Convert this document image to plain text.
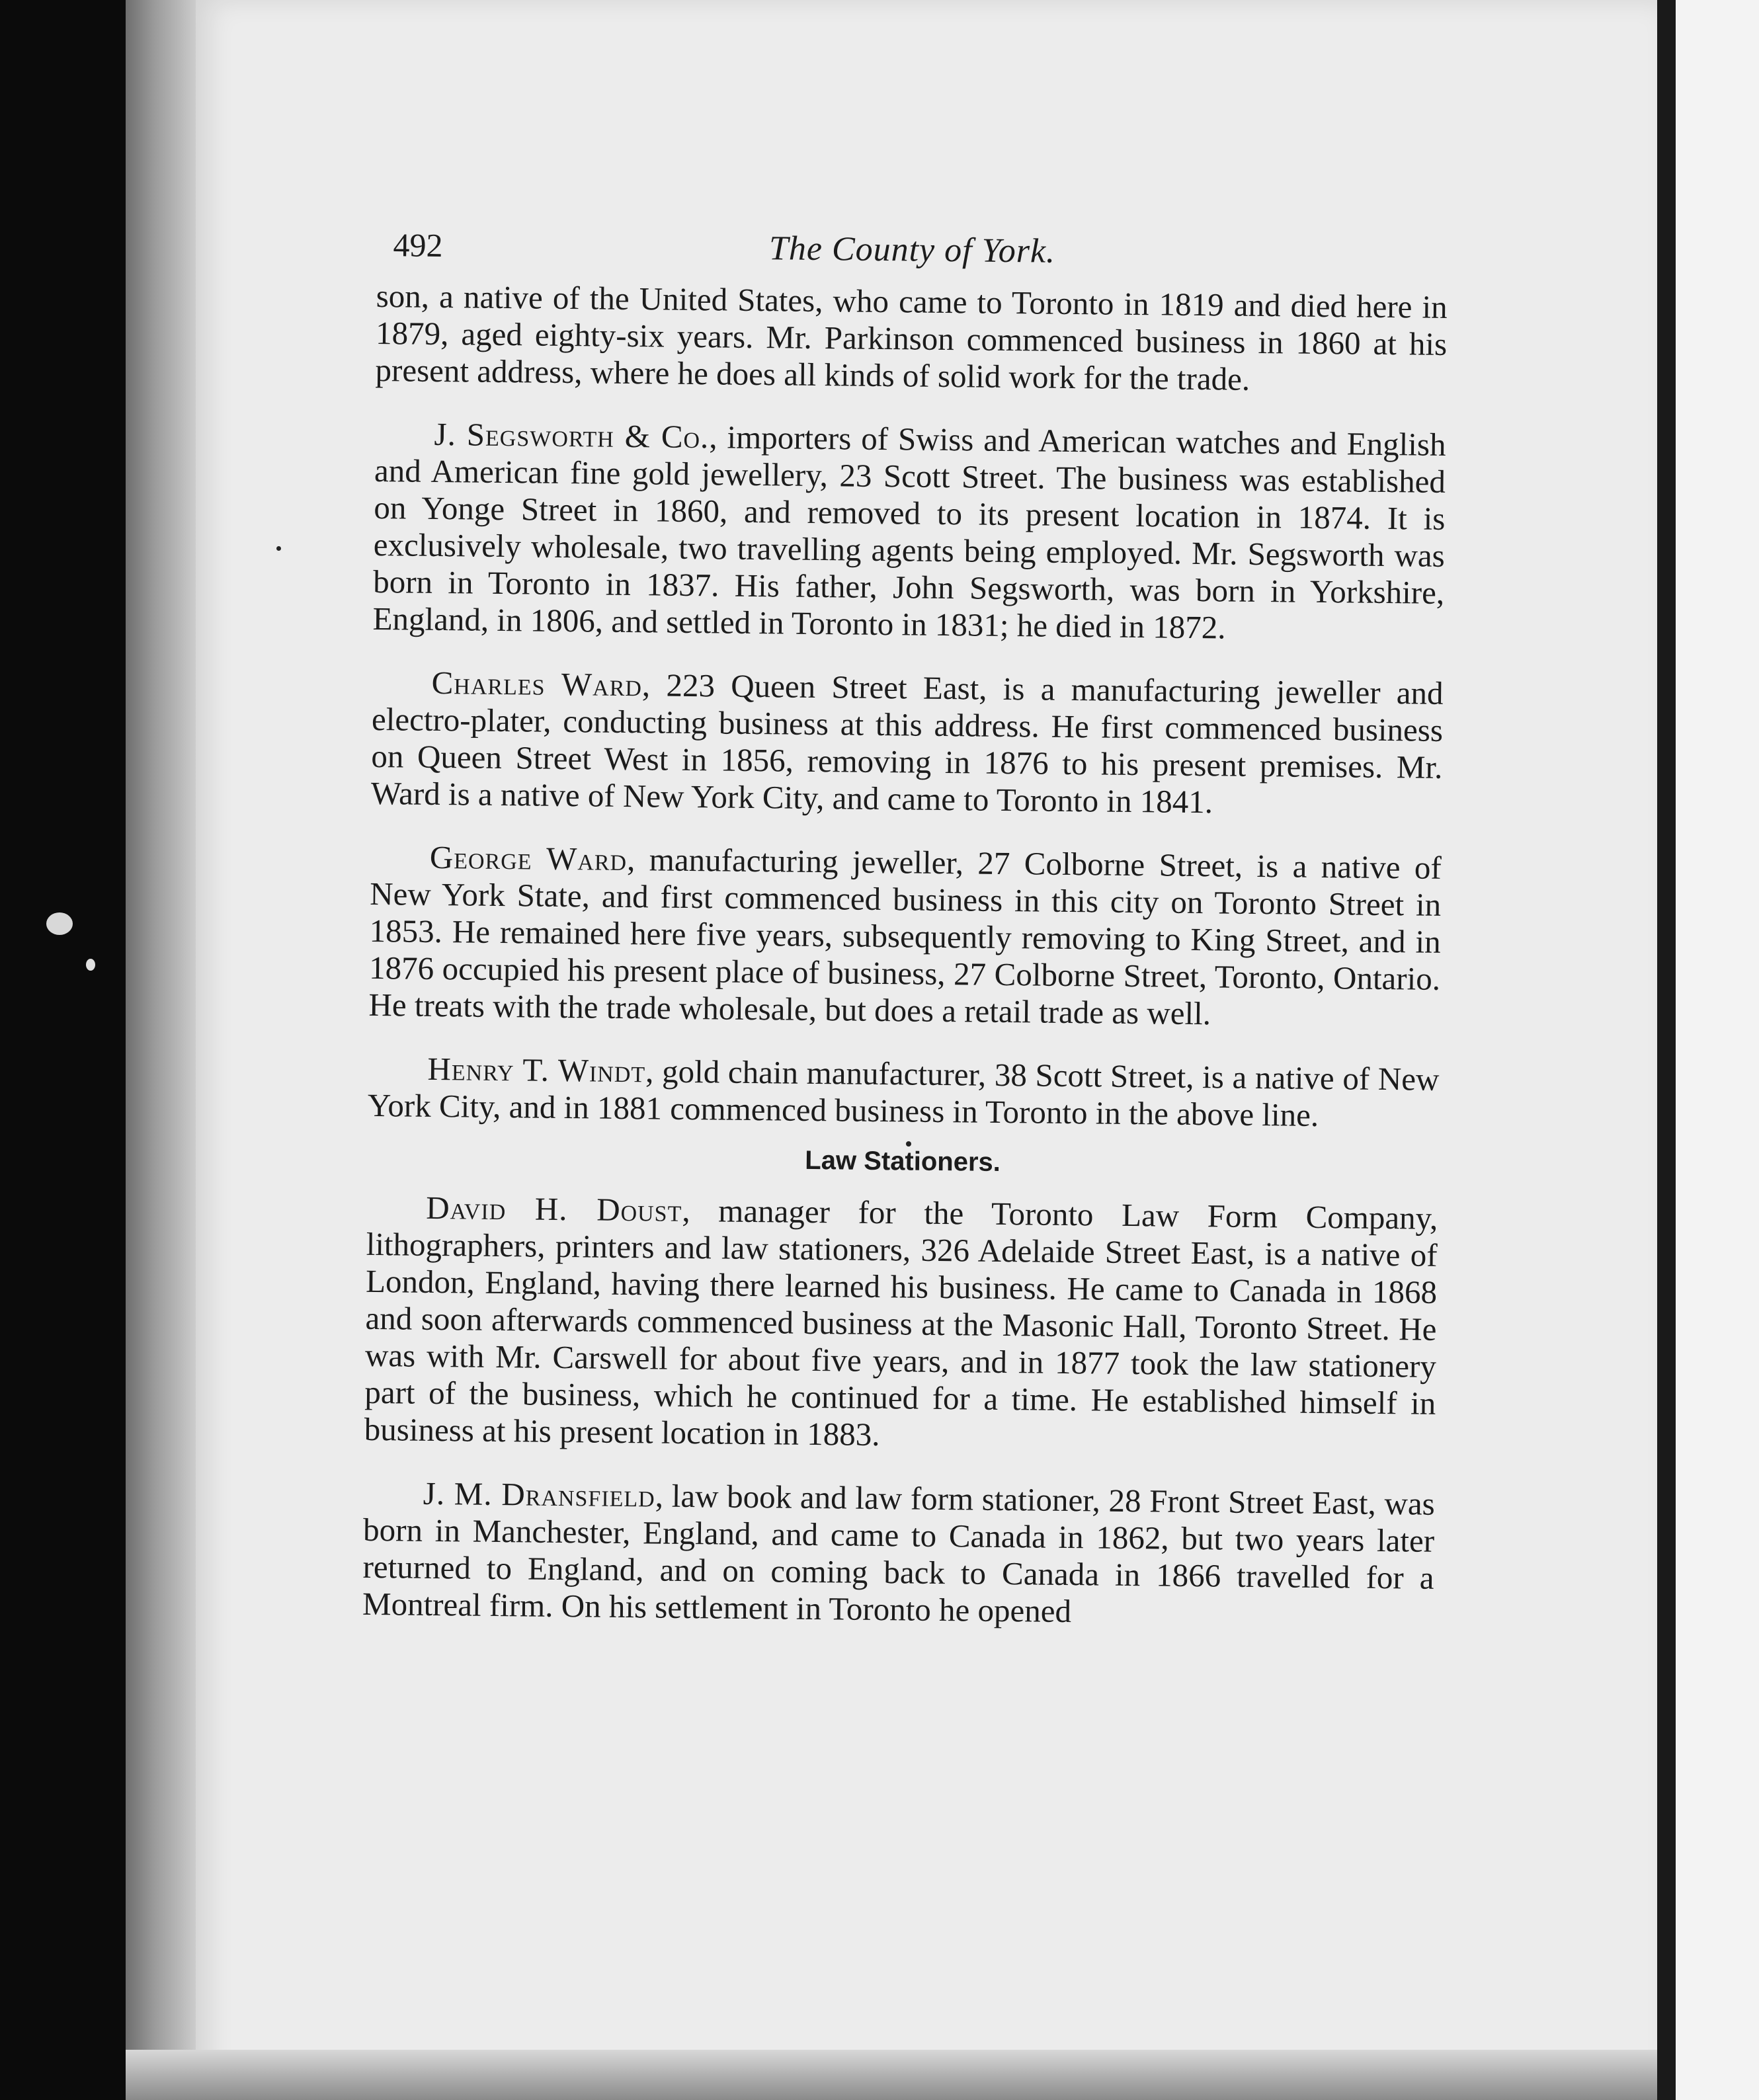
492	The County of York.

son, a native of the United States, who came to Toronto in 1819 and died here in 1879, aged eighty-six years. Mr. Parkinson commenced business in 1860 at his present address, where he does all kinds of solid work for the trade.

J. Segsworth & Co., importers of Swiss and American watches and English and American fine gold jewellery, 23 Scott Street. The business was established on Yonge Street in 1860, and removed to its present location in 1874. It is exclusively wholesale, two travelling agents being employed. Mr. Segsworth was born in Toronto in 1837. His father, John Segsworth, was born in Yorkshire, England, in 1806, and settled in Toronto in 1831; he died in 1872.

Charles Ward, 223 Queen Street East, is a manufacturing jeweller and electro-plater, conducting business at this address. He first commenced business on Queen Street West in 1856, removing in 1876 to his present premises. Mr. Ward is a native of New York City, and came to Toronto in 1841.

George Ward, manufacturing jeweller, 27 Colborne Street, is a native of New York State, and first commenced business in this city on Toronto Street in 1853. He remained here five years, subsequently removing to King Street, and in 1876 occupied his present place of business, 27 Colborne Street, Toronto, Ontario. He treats with the trade wholesale, but does a retail trade as well.

Henry T. Windt, gold chain manufacturer, 38 Scott Street, is a native of New York City, and in 1881 commenced business in Toronto in the above line.

Law Stationers.

David H. Doust, manager for the Toronto Law Form Company, lithographers, printers and law stationers, 326 Adelaide Street East, is a native of London, England, having there learned his business. He came to Canada in 1868 and soon afterwards commenced business at the Masonic Hall, Toronto Street. He was with Mr. Carswell for about five years, and in 1877 took the law stationery part of the business, which he continued for a time. He established himself in business at his present location in 1883.

J. M. Dransfield, law book and law form stationer, 28 Front Street East, was born in Manchester, England, and came to Canada in 1862, but two years later returned to England, and on coming back to Canada in 1866 travelled for a Montreal firm. On his settlement in Toronto he opened
